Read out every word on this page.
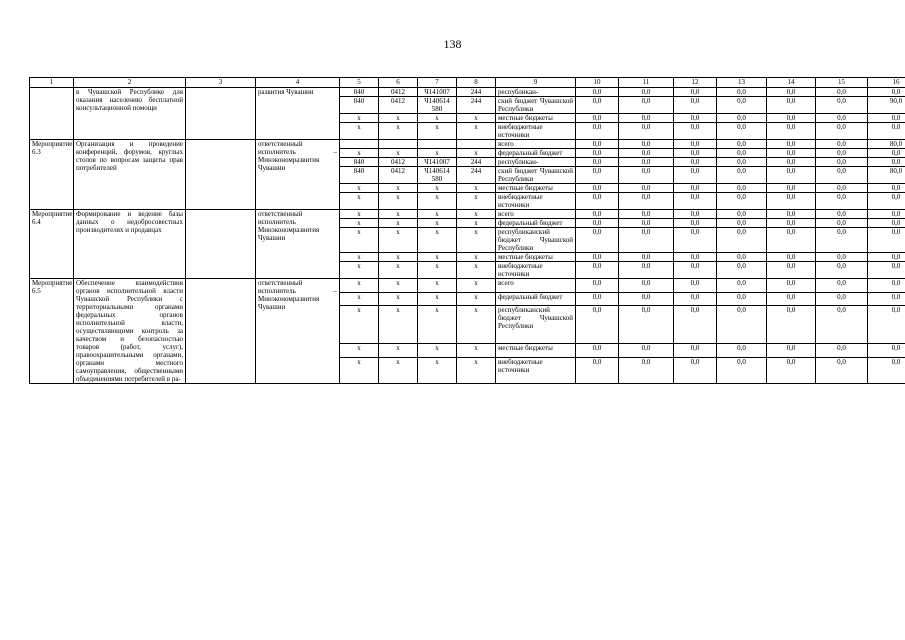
138
1	2	3	4	5	6	7	8	9	10	11	12	13	14	15	16
	в Чувашской Республике для оказания населению бесплатной консультационной помощи		развития Чувашии	840	0412	Ч141007	244	республикан-	0,0	0,0	0,0	0,0	0,0	0,0	0,0
				840	0412	Ч140614 580	244	ский бюджет Чувашской Республики	0,0	0,0	0,0	0,0	0,0	0,0	90,0
				x	x	x	x	местные бюджеты	0,0	0,0	0,0	0,0	0,0	0,0	0,0
				x	x	x	x	внебюджетные источники	0,0	0,0	0,0	0,0	0,0	0,0	0,0
Мероприятие 6.3	Организация и проведение конференций, форумов, круглых столов по вопросам защиты прав потребителей		ответственный исполнитель – Минэкономразвития Чувашии					всего	0,0	0,0	0,0	0,0	0,0	0,0	80,0
				x	x	x	x	федеральный бюджет	0,0	0,0	0,0	0,0	0,0	0,0	0,0
				840	0412	Ч141007	244	республикан-	0,0	0,0	0,0	0,0	0,0	0,0	0,0
				840	0412	Ч140614 580	244	ский бюджет Чувашской Республики	0,0	0,0	0,0	0,0	0,0	0,0	80,0
				x	x	x	x	местные бюджеты	0,0	0,0	0,0	0,0	0,0	0,0	0,0
				x	x	x	x	внебюджетные источники	0,0	0,0	0,0	0,0	0,0	0,0	0,0
Мероприятие 6.4	Формирование и ведение базы данных о недобросовестных производителях и продавцах		ответственный исполнитель Минэкономразвития Чувашии	x	x	x	x	всего	0,0	0,0	0,0	0,0	0,0	0,0	0,0
				x	x	x	x	федеральный бюджет	0,0	0,0	0,0	0,0	0,0	0,0	0,0
				x	x	x	x	республиканский бюджет Чувашской Республики	0,0	0,0	0,0	0,0	0,0	0,0	0,0
				x	x	x	x	местные бюджеты	0,0	0,0	0,0	0,0	0,0	0,0	0,0
				x	x	x	x	внебюджетные источники	0,0	0,0	0,0	0,0	0,0	0,0	0,0
Мероприятие 6.5	Обеспечение взаимодействия органов исполнительной власти Чувашской Республики с территориальными органами федеральных органов исполнительной власти, осуществляющими контроль за качеством и безопасностью товаров (работ, услуг), правоохранительными органами, органами местного самоуправления, общественными объединениями потребителей в ра-		ответственный исполнитель – Минэкономразвития Чувашии	x	x	x	x	всего	0,0	0,0	0,0	0,0	0,0	0,0	0,0
				x	x	x	x	федеральный бюджет	0,0	0,0	0,0	0,0	0,0	0,0	0,0
				x	x	x	x	республиканский бюджет Чувашской Республики	0,0	0,0	0,0	0,0	0,0	0,0	0,0
				x	x	x	x	местные бюджеты	0,0	0,0	0,0	0,0	0,0	0,0	0,0
				x	x	x	x	внебюджетные источники	0,0	0,0	0,0	0,0	0,0	0,0	0,0
